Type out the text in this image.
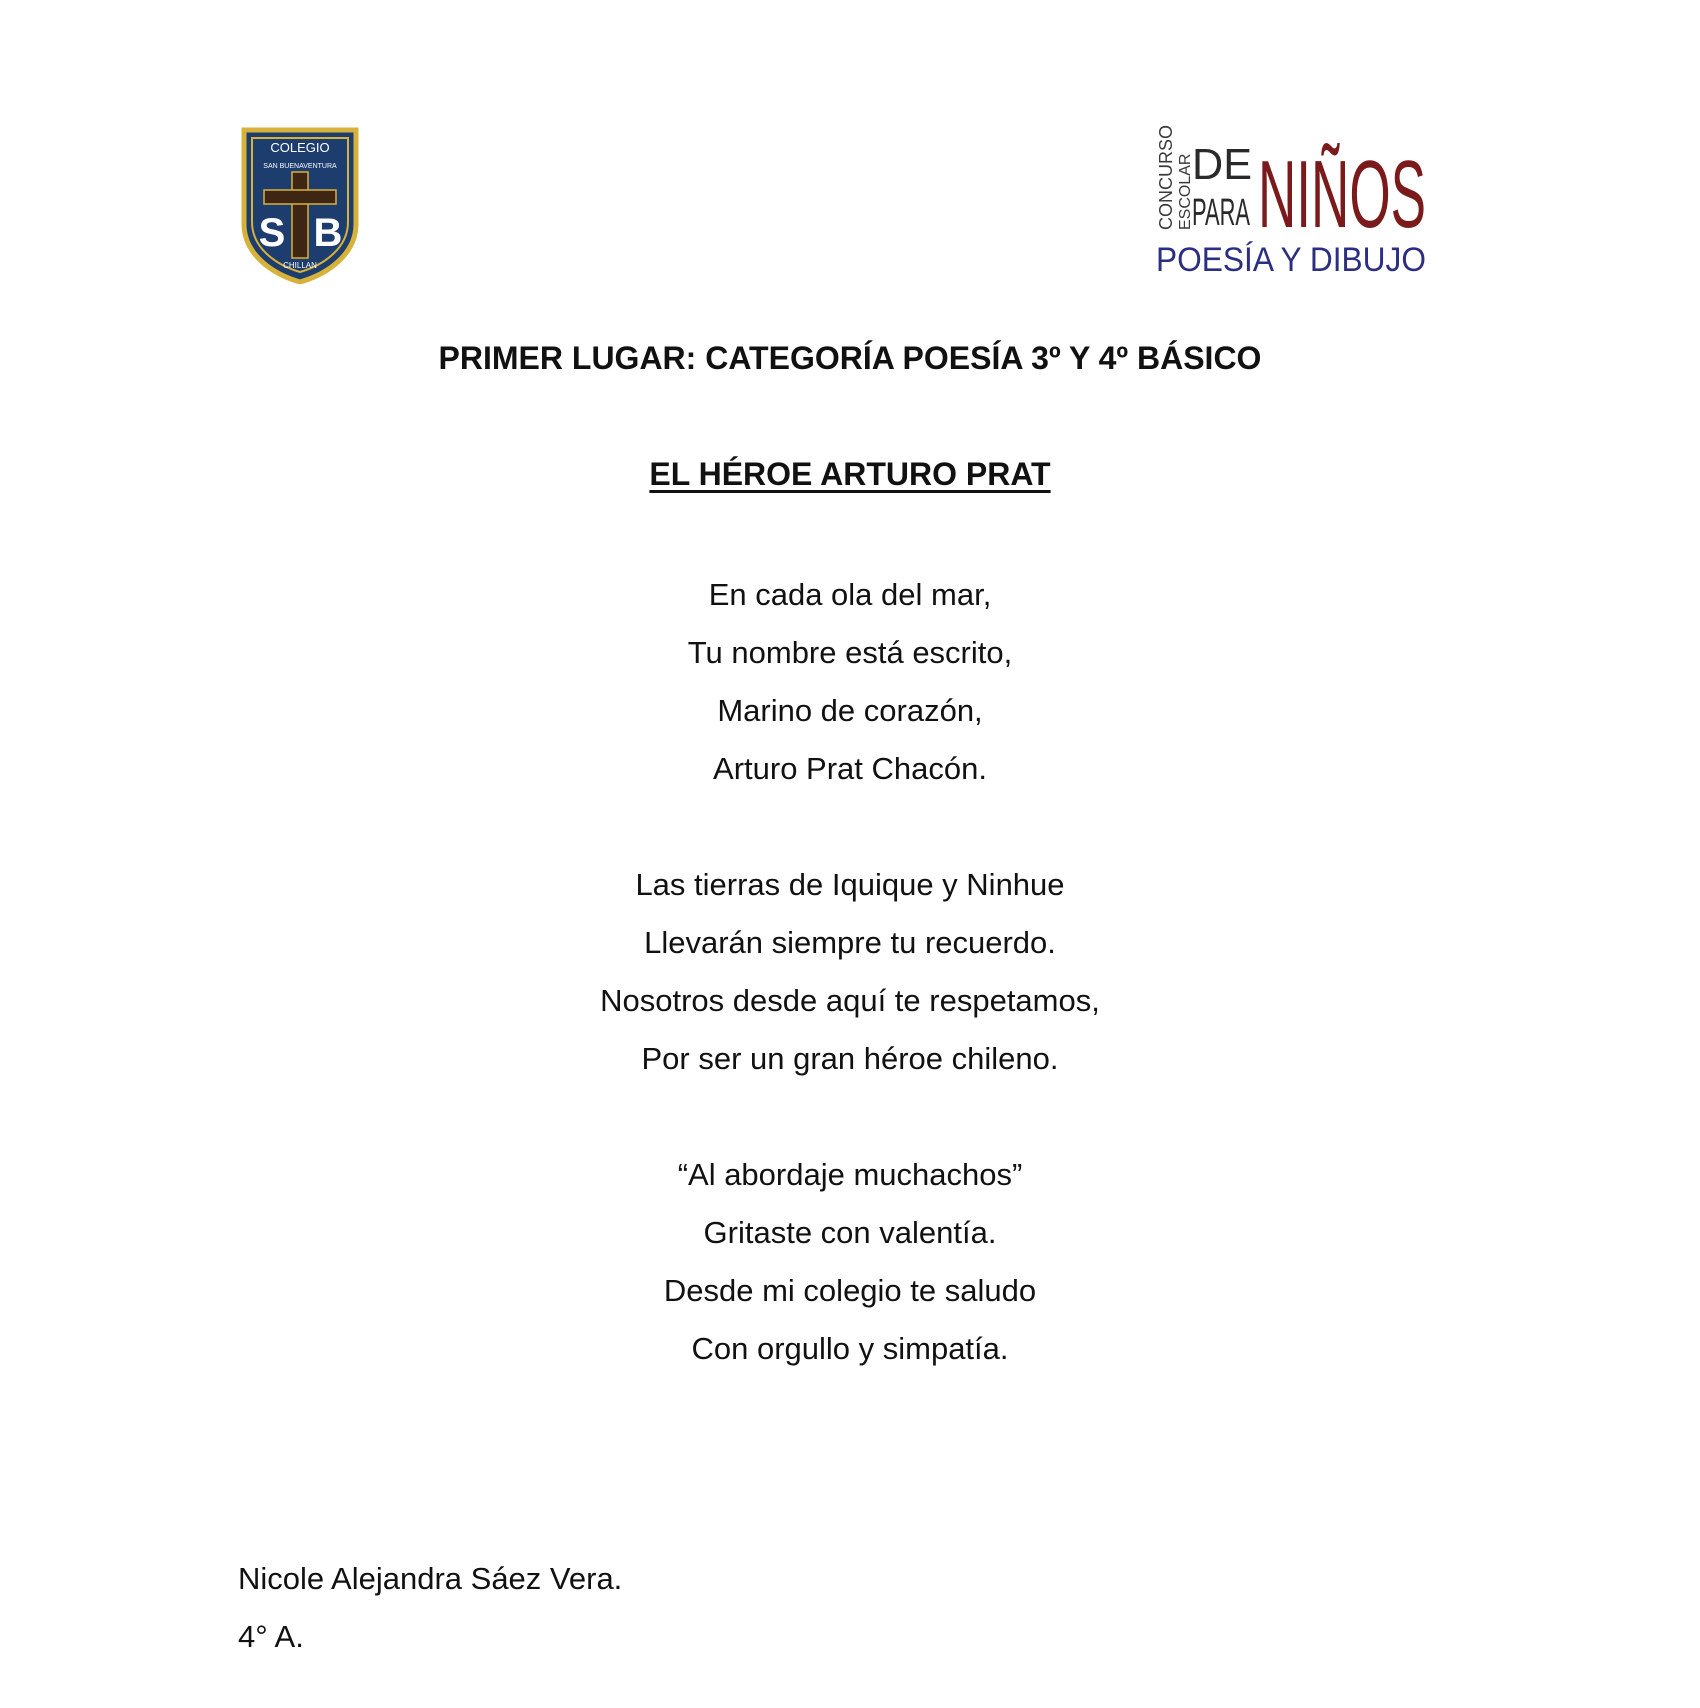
COLEGIO
SAN BUENAVENTURA
S B
CHILLAN
CONCURSO ESCOLAR
DE
PARA NIÑOS
POESÍA Y DIBUJO
PRIMER LUGAR: CATEGORÍA POESÍA 3º Y 4º BÁSICO
EL HÉROE ARTURO PRAT
En cada ola del mar,
Tu nombre está escrito,
Marino de corazón,
Arturo Prat Chacón.
Las tierras de Iquique y Ninhue
Llevarán siempre tu recuerdo.
Nosotros desde aquí te respetamos,
Por ser un gran héroe chileno.
“Al abordaje muchachos”
Gritaste con valentía.
Desde mi colegio te saludo
Con orgullo y simpatía.
Nicole Alejandra Sáez Vera.
4° A.
